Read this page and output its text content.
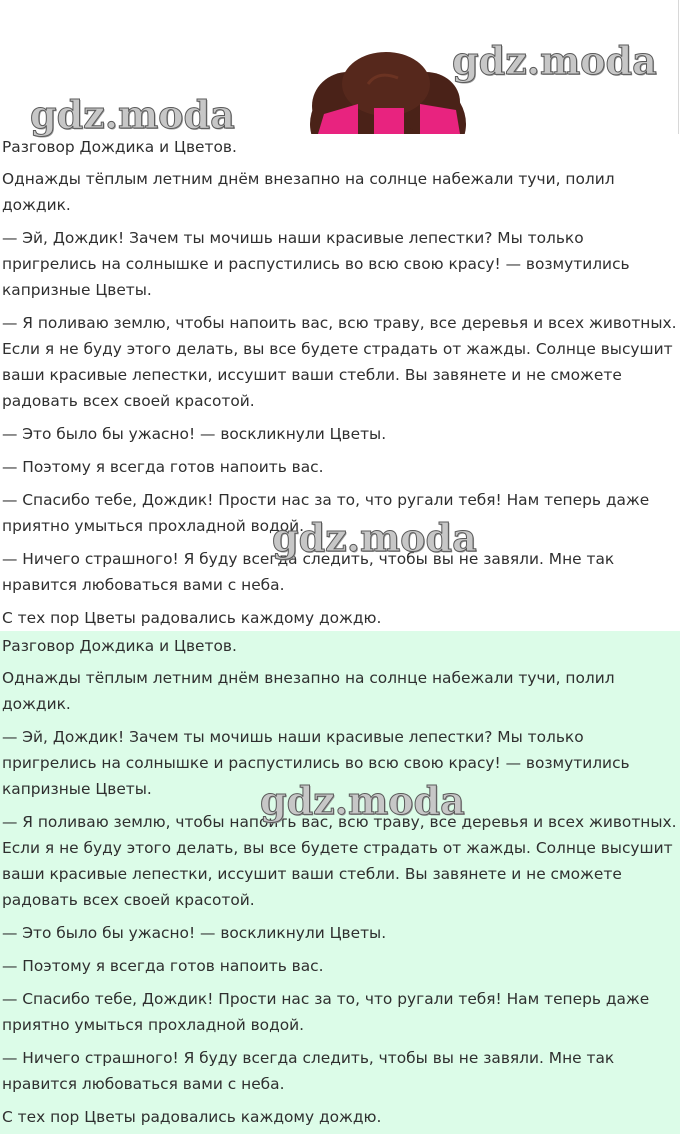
gdz.moda
gdz.moda

Разговор Дождика и Цветов.

Однажды тёплым летним днём внезапно на солнце набежали тучи, полил дождик.

— Эй, Дождик! Зачем ты мочишь наши красивые лепестки? Мы только пригрелись на солнышке и распустились во всю свою красу! — возмутились капризные Цветы.

— Я поливаю землю, чтобы напоить вас, всю траву, все деревья и всех животных. Если я не буду этого делать, вы все будете страдать от жажды. Солнце высушит ваши красивые лепестки, иссушит ваши стебли. Вы завянете и не сможете радовать всех своей красотой.

— Это было бы ужасно! — воскликнули Цветы.

— Поэтому я всегда готов напоить вас.

— Спасибо тебе, Дождик! Прости нас за то, что ругали тебя! Нам теперь даже приятно умыться прохладной водой.

— Ничего страшного! Я буду всегда следить, чтобы вы не завяли. Мне так нравится любоваться вами с неба.

С тех пор Цветы радовались каждому дождю.

gdz.moda

Разговор Дождика и Цветов.

Однажды тёплым летним днём внезапно на солнце набежали тучи, полил дождик.

— Эй, Дождик! Зачем ты мочишь наши красивые лепестки? Мы только пригрелись на солнышке и распустились во всю свою красу! — возмутились капризные Цветы.

— Я поливаю землю, чтобы напоить вас, всю траву, все деревья и всех животных. Если я не буду этого делать, вы все будете страдать от жажды. Солнце высушит ваши красивые лепестки, иссушит ваши стебли. Вы завянете и не сможете радовать всех своей красотой.

— Это было бы ужасно! — воскликнули Цветы.

— Поэтому я всегда готов напоить вас.

— Спасибо тебе, Дождик! Прости нас за то, что ругали тебя! Нам теперь даже приятно умыться прохладной водой.

— Ничего страшного! Я буду всегда следить, чтобы вы не завяли. Мне так нравится любоваться вами с неба.

С тех пор Цветы радовались каждому дождю.

gdz.moda
